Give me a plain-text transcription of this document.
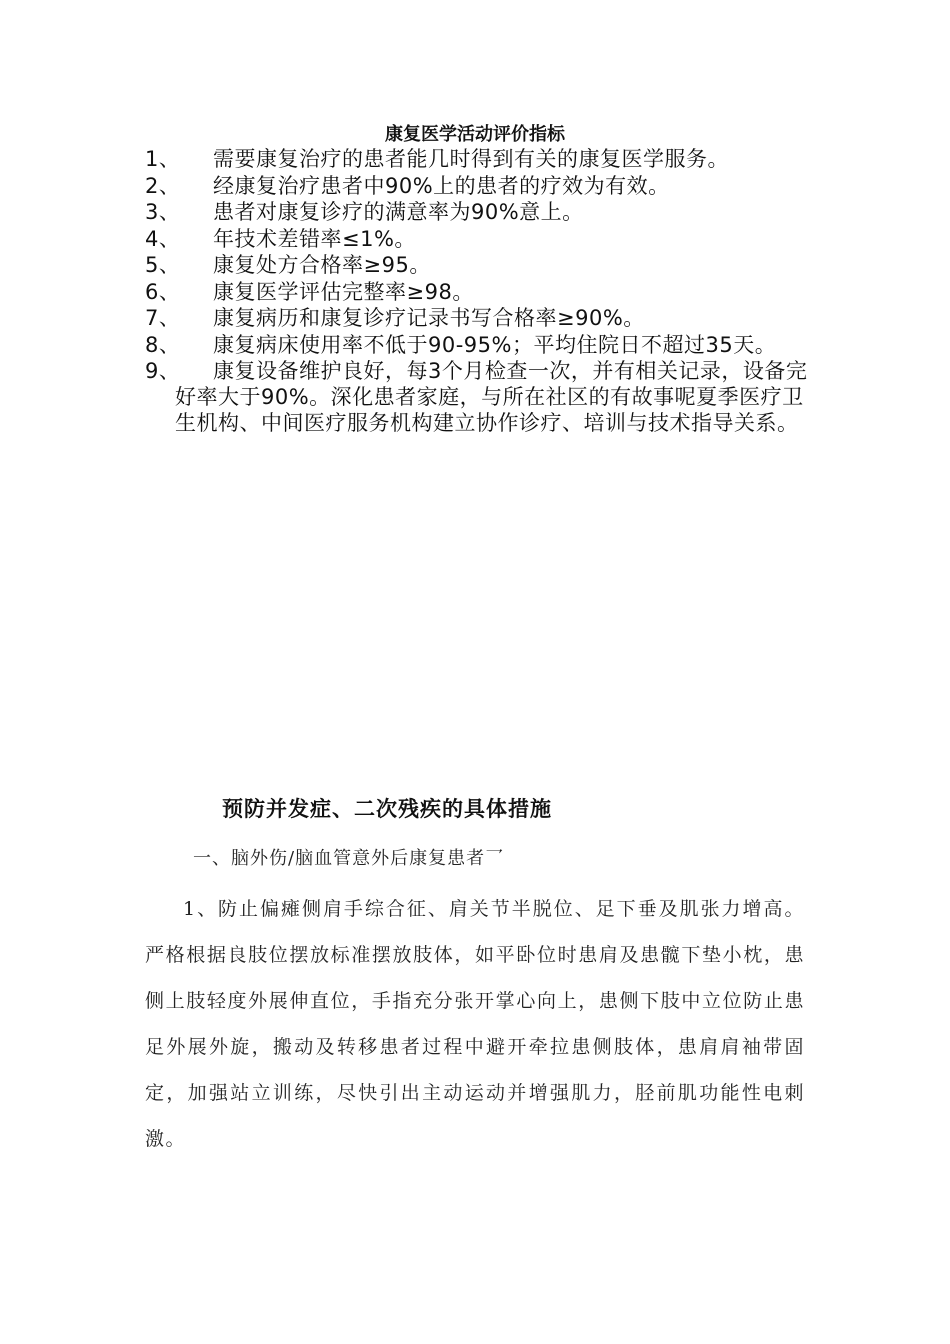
康复医学活动评价指标
1、	需要康复治疗的患者能几时得到有关的康复医学服务。
2、	经康复治疗患者中90%上的患者的疗效为有效。
3、	患者对康复诊疗的满意率为90%意上。
4、	年技术差错率≤1%。
5、	康复处方合格率≥95。
6、	康复医学评估完整率≥98。
7、	康复病历和康复诊疗记录书写合格率≥90%。
8、	康复病床使用率不低于90-95%；平均住院日不超过35天。
9、	康复设备维护良好，每3个月检查一次，并有相关记录，设备完好率大于90%。深化患者家庭，与所在社区的有故事呢夏季医疗卫生机构、中间医疗服务机构建立协作诊疗、培训与技术指导关系。
预防并发症、二次残疾的具体措施
一、脑外伤/脑血管意外后康复患者乛

1、防止偏瘫侧肩手综合征、肩关节半脱位、足下垂及肌张力增高。严格根据良肢位摆放标准摆放肢体，如平卧位时患肩及患髋下垫小枕，患侧上肢轻度外展伸直位，手指充分张开掌心向上，患侧下肢中立位防止患足外展外旋，搬动及转移患者过程中避开牵拉患侧肢体，患肩肩袖带固定，加强站立训练，尽快引出主动运动并增强肌力，胫前肌功能性电刺激。
